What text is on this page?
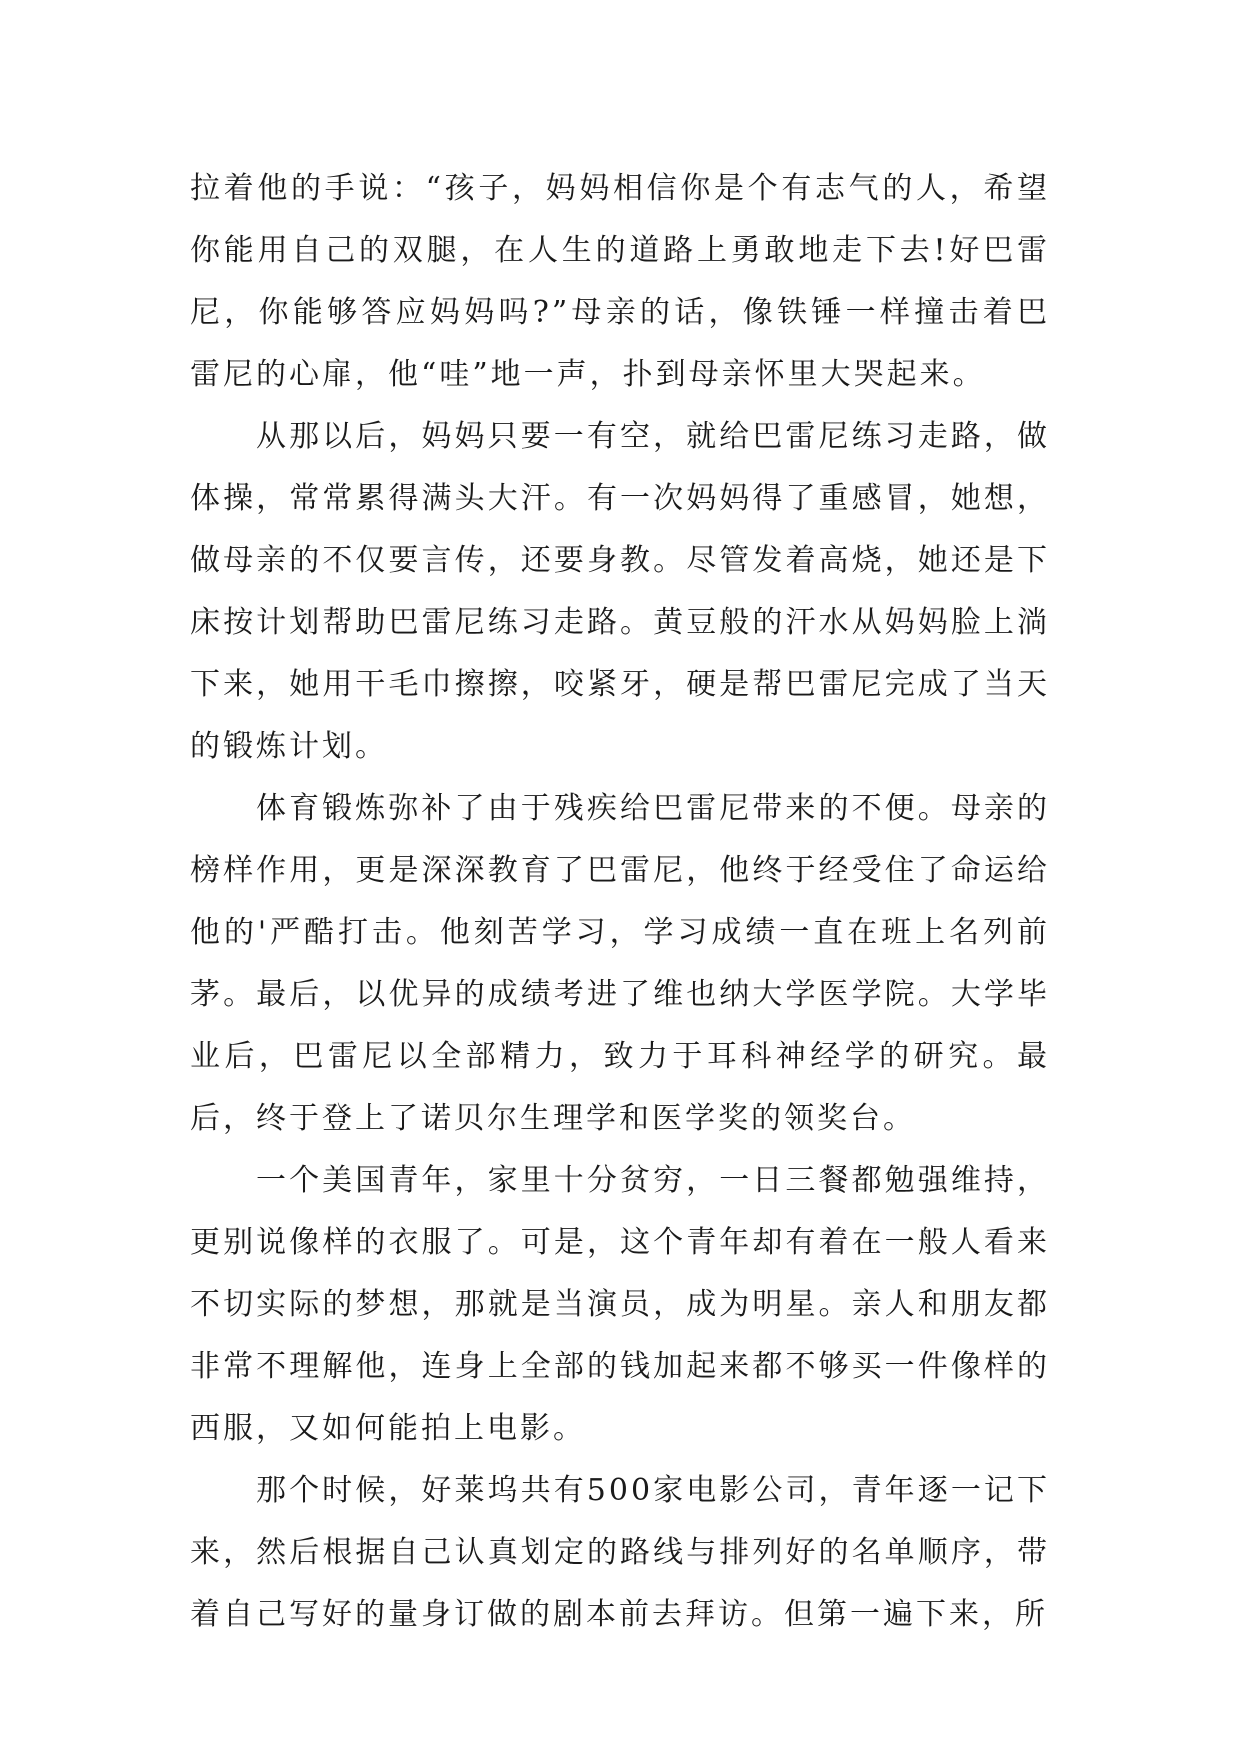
拉着他的手说：“孩子，妈妈相信你是个有志气的人，希望你能用自己的双腿，在人生的道路上勇敢地走下去!好巴雷尼，你能够答应妈妈吗?”母亲的话，像铁锤一样撞击着巴雷尼的心扉，他“哇”地一声，扑到母亲怀里大哭起来。

从那以后，妈妈只要一有空，就给巴雷尼练习走路，做体操，常常累得满头大汗。有一次妈妈得了重感冒，她想，做母亲的不仅要言传，还要身教。尽管发着高烧，她还是下床按计划帮助巴雷尼练习走路。黄豆般的汗水从妈妈脸上淌下来，她用干毛巾擦擦，咬紧牙，硬是帮巴雷尼完成了当天的锻炼计划。

体育锻炼弥补了由于残疾给巴雷尼带来的不便。母亲的榜样作用，更是深深教育了巴雷尼，他终于经受住了命运给他的'严酷打击。他刻苦学习，学习成绩一直在班上名列前茅。最后，以优异的成绩考进了维也纳大学医学院。大学毕业后，巴雷尼以全部精力，致力于耳科神经学的研究。最后，终于登上了诺贝尔生理学和医学奖的领奖台。

一个美国青年，家里十分贫穷，一日三餐都勉强维持，更别说像样的衣服了。可是，这个青年却有着在一般人看来不切实际的梦想，那就是当演员，成为明星。亲人和朋友都非常不理解他，连身上全部的钱加起来都不够买一件像样的西服，又如何能拍上电影。

那个时候，好莱坞共有500家电影公司，青年逐一记下来，然后根据自己认真划定的路线与排列好的名单顺序，带着自己写好的量身订做的剧本前去拜访。但第一遍下来，所
